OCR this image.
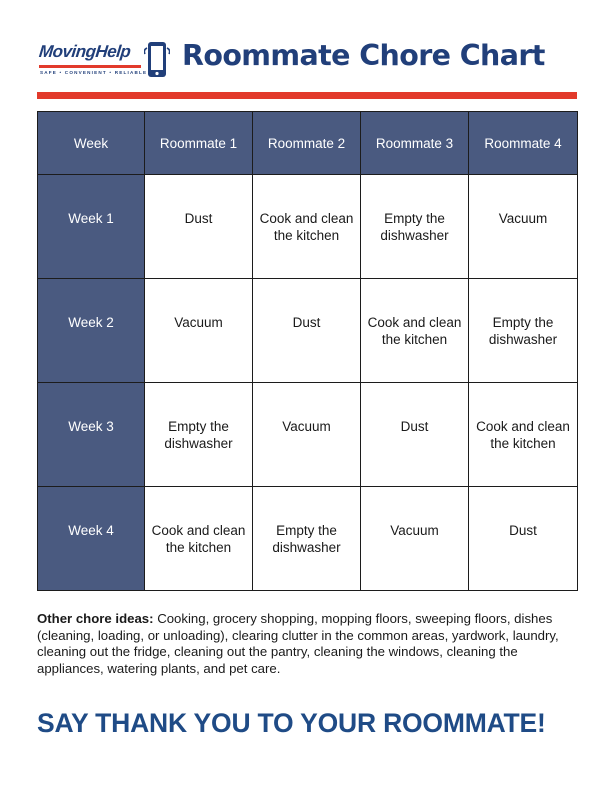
MovingHelp
SAFE • CONVENIENT • RELIABLE
Roommate Chore Chart
Week	Roommate 1	Roommate 2	Roommate 3	Roommate 4
Week 1	Dust	Cook and clean the kitchen	Empty the dishwasher	Vacuum
Week 2	Vacuum	Dust	Cook and clean the kitchen	Empty the dishwasher
Week 3	Empty the dishwasher	Vacuum	Dust	Cook and clean the kitchen
Week 4	Cook and clean the kitchen	Empty the dishwasher	Vacuum	Dust
Other chore ideas: Cooking, grocery shopping, mopping floors, sweeping floors, dishes (cleaning, loading, or unloading), clearing clutter in the common areas, yardwork, laundry, cleaning out the fridge, cleaning out the pantry, cleaning the windows, cleaning the appliances, watering plants, and pet care.
SAY THANK YOU TO YOUR ROOMMATE!
